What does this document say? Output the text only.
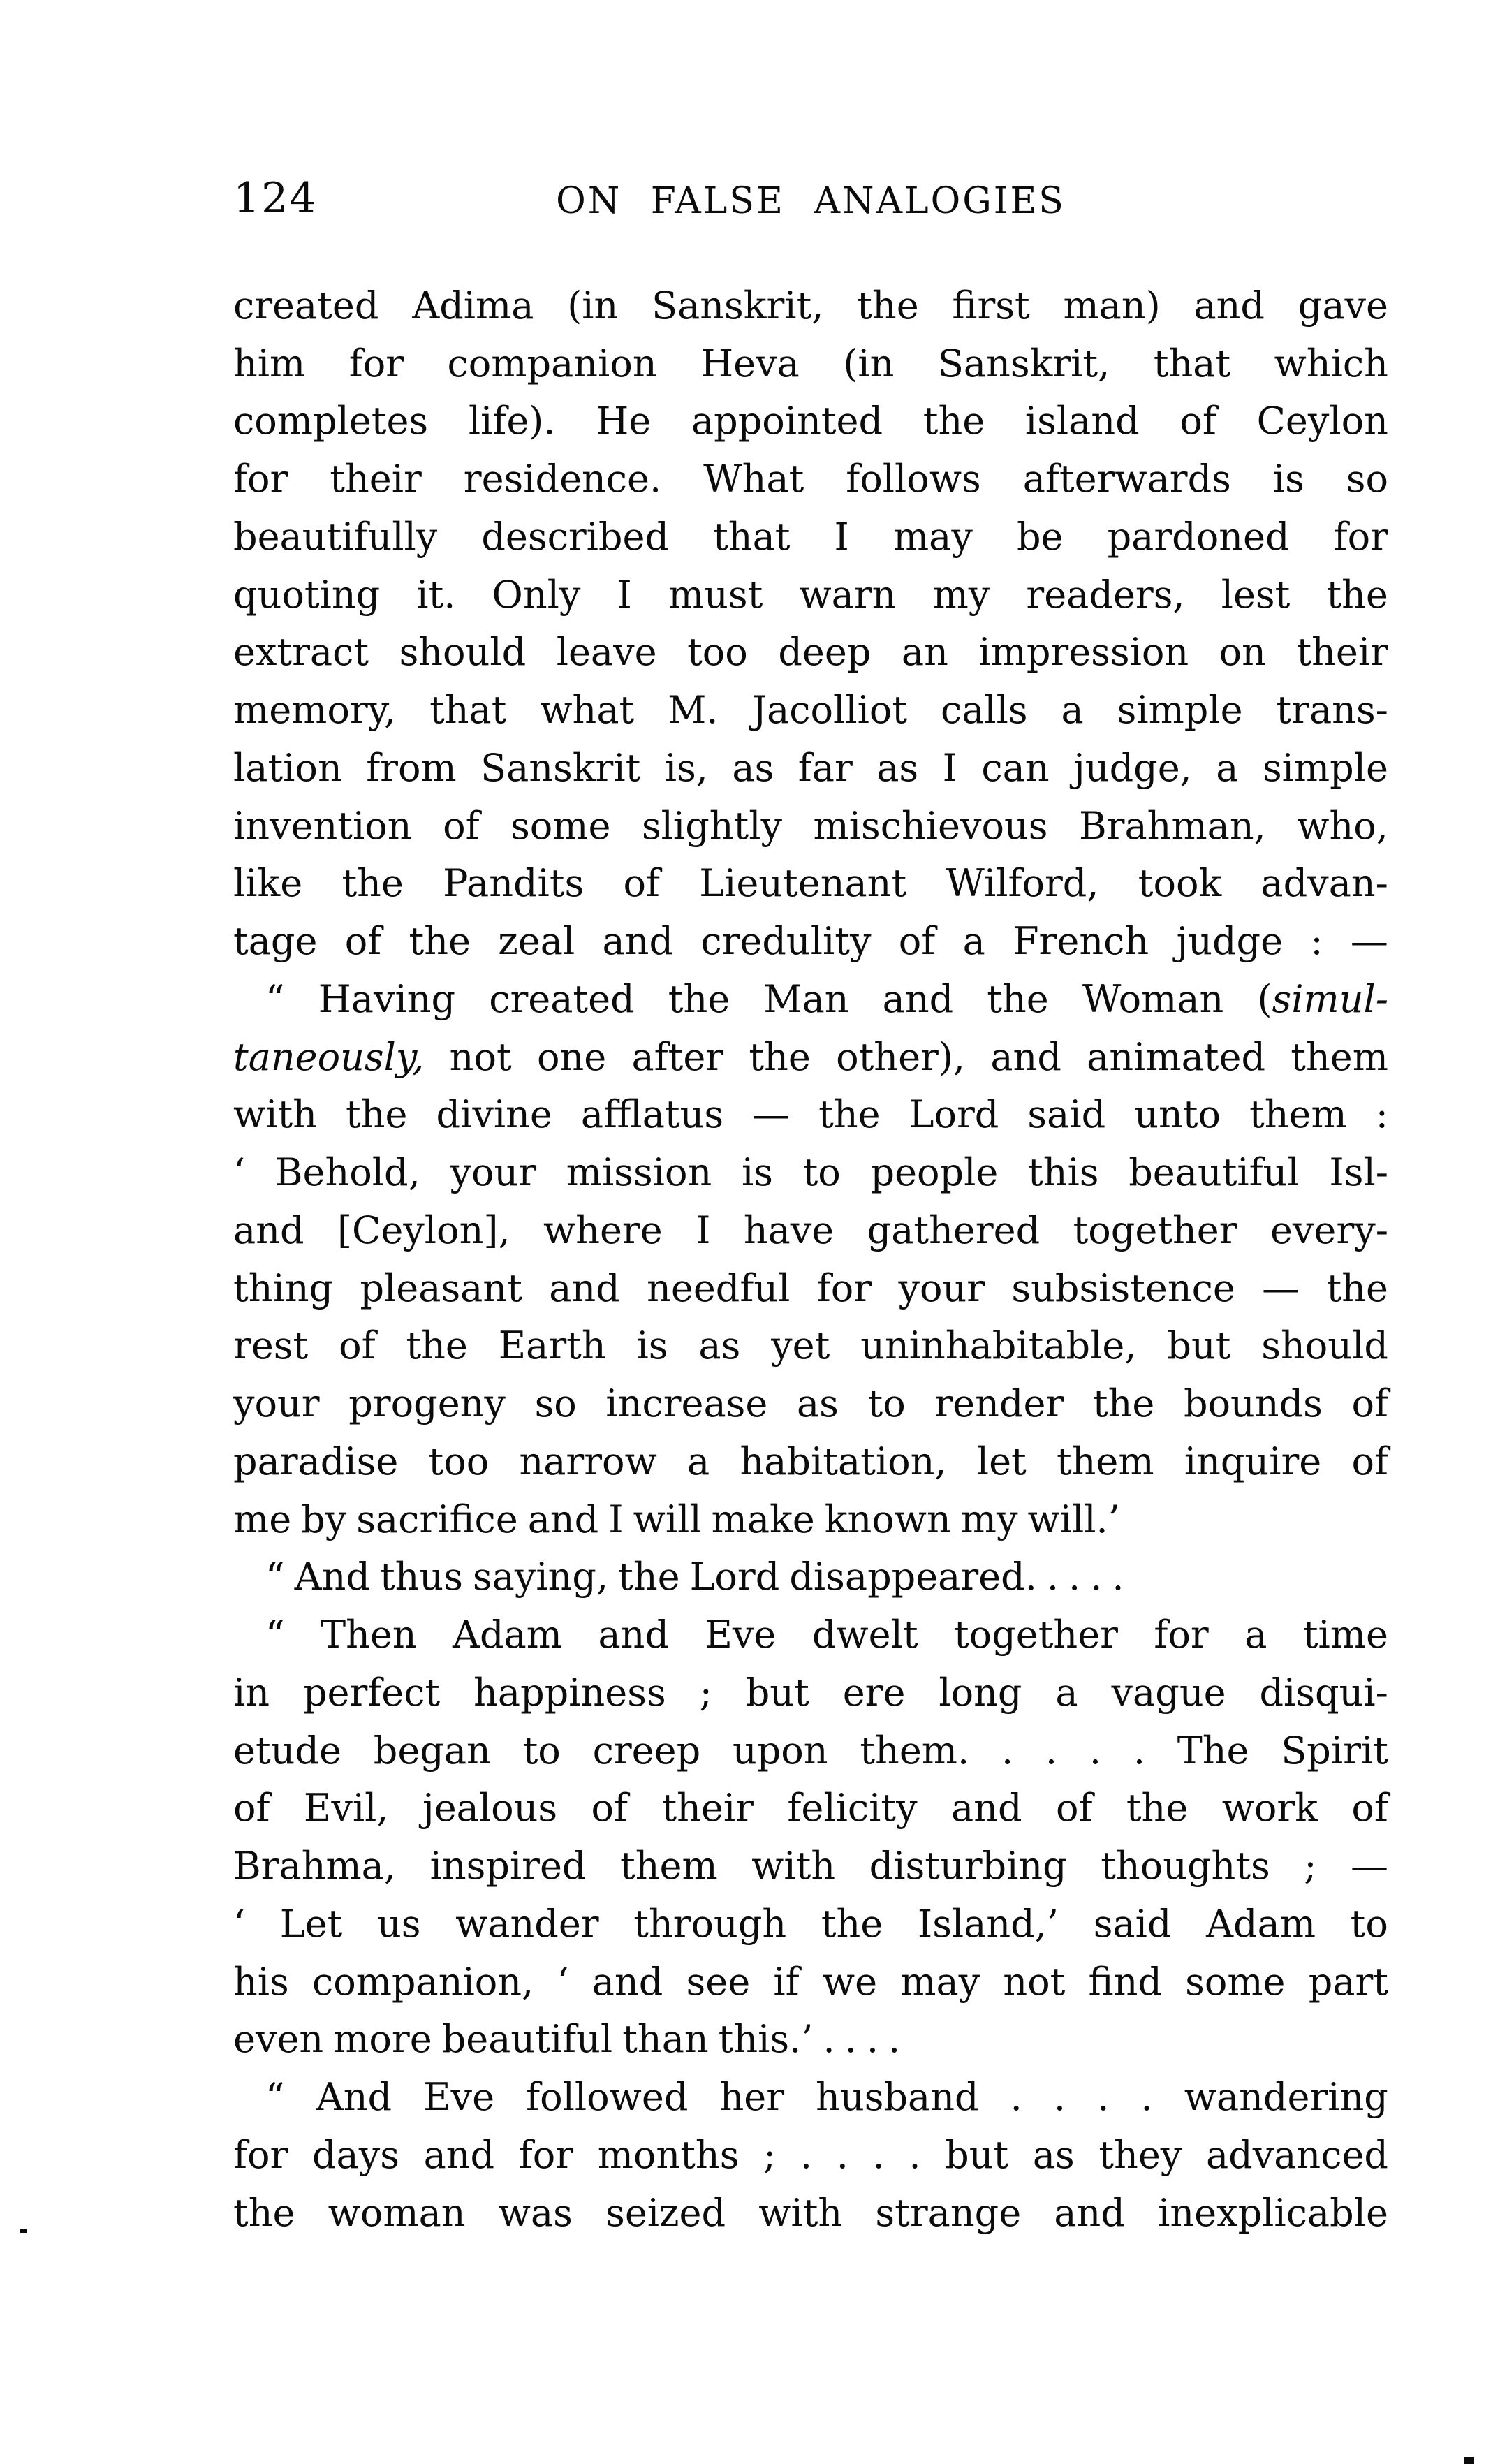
124	ON FALSE ANALOGIES
created Adima (in Sanskrit, the first man) and gave
him for companion Heva (in Sanskrit, that which
completes life). He appointed the island of Ceylon
for their residence. What follows afterwards is so
beautifully described that I may be pardoned for
quoting it. Only I must warn my readers, lest the
extract should leave too deep an impression on their
memory, that what M. Jacolliot calls a simple trans-
lation from Sanskrit is, as far as I can judge, a simple
invention of some slightly mischievous Brahman, who,
like the Pandits of Lieutenant Wilford, took advan-
tage of the zeal and credulity of a French judge : —
“ Having created the Man and the Woman (simul-
taneously, not one after the other), and animated them
with the divine afflatus — the Lord said unto them :
‘ Behold, your mission is to people this beautiful Isl-
and [Ceylon], where I have gathered together every-
thing pleasant and needful for your subsistence — the
rest of the Earth is as yet uninhabitable, but should
your progeny so increase as to render the bounds of
paradise too narrow a habitation, let them inquire of
me by sacrifice and I will make known my will.’
“ And thus saying, the Lord disappeared. . . . .
“ Then Adam and Eve dwelt together for a time
in perfect happiness ; but ere long a vague disqui-
etude began to creep upon them. . . . . The Spirit
of Evil, jealous of their felicity and of the work of
Brahma, inspired them with disturbing thoughts ; —
‘ Let us wander through the Island,’ said Adam to
his companion, ‘ and see if we may not find some part
even more beautiful than this.’ . . . .
“ And Eve followed her husband . . . . wandering
for days and for months ; . . . . but as they advanced
the woman was seized with strange and inexplicable
